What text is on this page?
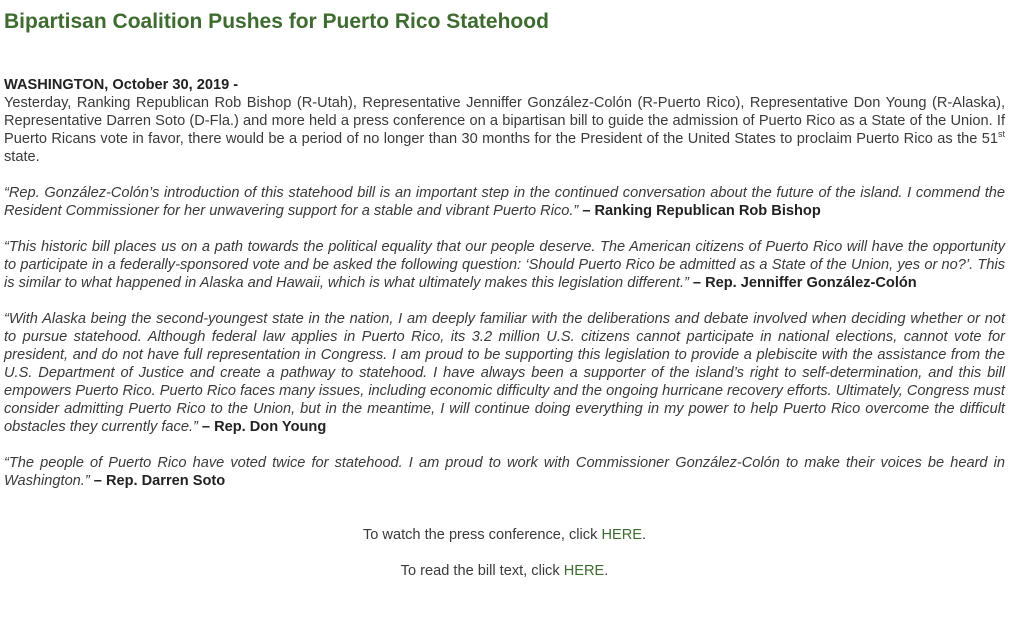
Bipartisan Coalition Pushes for Puerto Rico Statehood
WASHINGTON, October 30, 2019 -

Yesterday, Ranking Republican Rob Bishop (R-Utah), Representative Jenniffer González-Colón (R-Puerto Rico), Representative Don Young (R-Alaska), Representative Darren Soto (D-Fla.) and more held a press conference on a bipartisan bill to guide the admission of Puerto Rico as a State of the Union. If Puerto Ricans vote in favor, there would be a period of no longer than 30 months for the President of the United States to proclaim Puerto Rico as the 51st state.

“Rep. González-Colón’s introduction of this statehood bill is an important step in the continued conversation about the future of the island. I commend the Resident Commissioner for her unwavering support for a stable and vibrant Puerto Rico.” – Ranking Republican Rob Bishop

“This historic bill places us on a path towards the political equality that our people deserve. The American citizens of Puerto Rico will have the opportunity to participate in a federally-sponsored vote and be asked the following question: ‘Should Puerto Rico be admitted as a State of the Union, yes or no?’. This is similar to what happened in Alaska and Hawaii, which is what ultimately makes this legislation different.” – Rep. Jenniffer González-Colón

“With Alaska being the second-youngest state in the nation, I am deeply familiar with the deliberations and debate involved when deciding whether or not to pursue statehood. Although federal law applies in Puerto Rico, its 3.2 million U.S. citizens cannot participate in national elections, cannot vote for president, and do not have full representation in Congress. I am proud to be supporting this legislation to provide a plebiscite with the assistance from the U.S. Department of Justice and create a pathway to statehood. I have always been a supporter of the island’s right to self-determination, and this bill empowers Puerto Rico. Puerto Rico faces many issues, including economic difficulty and the ongoing hurricane recovery efforts. Ultimately, Congress must consider admitting Puerto Rico to the Union, but in the meantime, I will continue doing everything in my power to help Puerto Rico overcome the difficult obstacles they currently face.” – Rep. Don Young

“The people of Puerto Rico have voted twice for statehood. I am proud to work with Commissioner González-Colón to make their voices be heard in Washington.” – Rep. Darren Soto

To watch the press conference, click HERE.

To read the bill text, click HERE.
